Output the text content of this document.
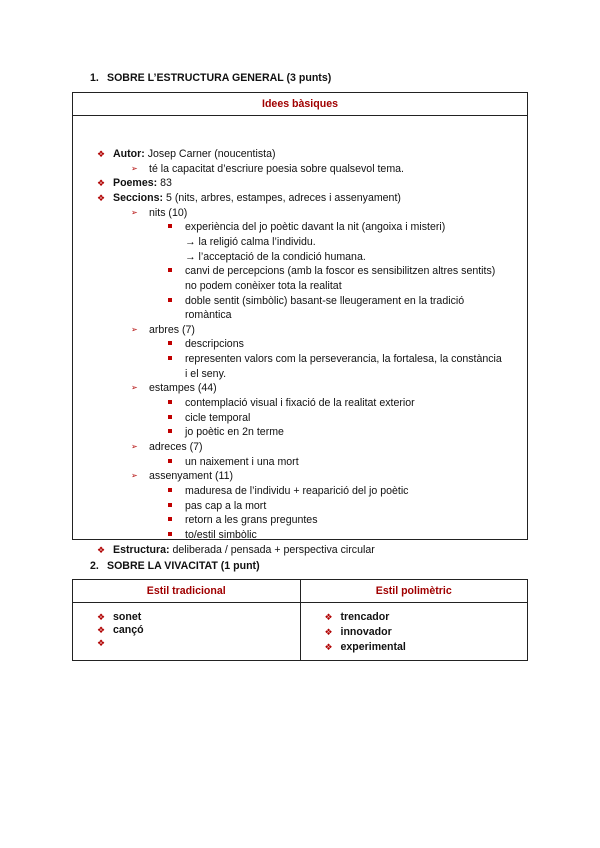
1. SOBRE L’ESTRUCTURA GENERAL (3 punts)
Idees bàsiques
❖ Autor: Josep Carner (noucentista)
➢ té la capacitat d’escriure poesia sobre qualsevol tema.
❖ Poemes: 83
❖ Seccions: 5 (nits, arbres, estampes, adreces i assenyament)
➢ nits (10)
experiència del jo poètic davant la nit (angoixa i misteri)
→ la religió calma l’individu.
→ l’acceptació de la condició humana.
canvi de percepcions (amb la foscor es sensibilitzen altres sentits)
no podem conèixer tota la realitat
doble sentit (simbòlic) basant-se lleugerament en la tradició
romàntica
➢ arbres (7)
descripcions
representen valors com la perseverancia, la fortalesa, la constància
i el seny.
➢ estampes (44)
contemplació visual i fixació de la realitat exterior
cicle temporal
jo poètic en 2n terme
➢ adreces (7)
un naixement i una mort
➢ assenyament (11)
maduresa de l’individu + reaparició del jo poètic
pas cap a la mort
retorn a les grans preguntes
to/estil simbòlic
❖ Estructura: deliberada / pensada + perspectiva circular
2. SOBRE LA VIVACITAT (1 punt)
Estil tradicional
❖ sonet
❖ cançó
❖
Estil polimètric
❖ trencador
❖ innovador
❖ experimental
